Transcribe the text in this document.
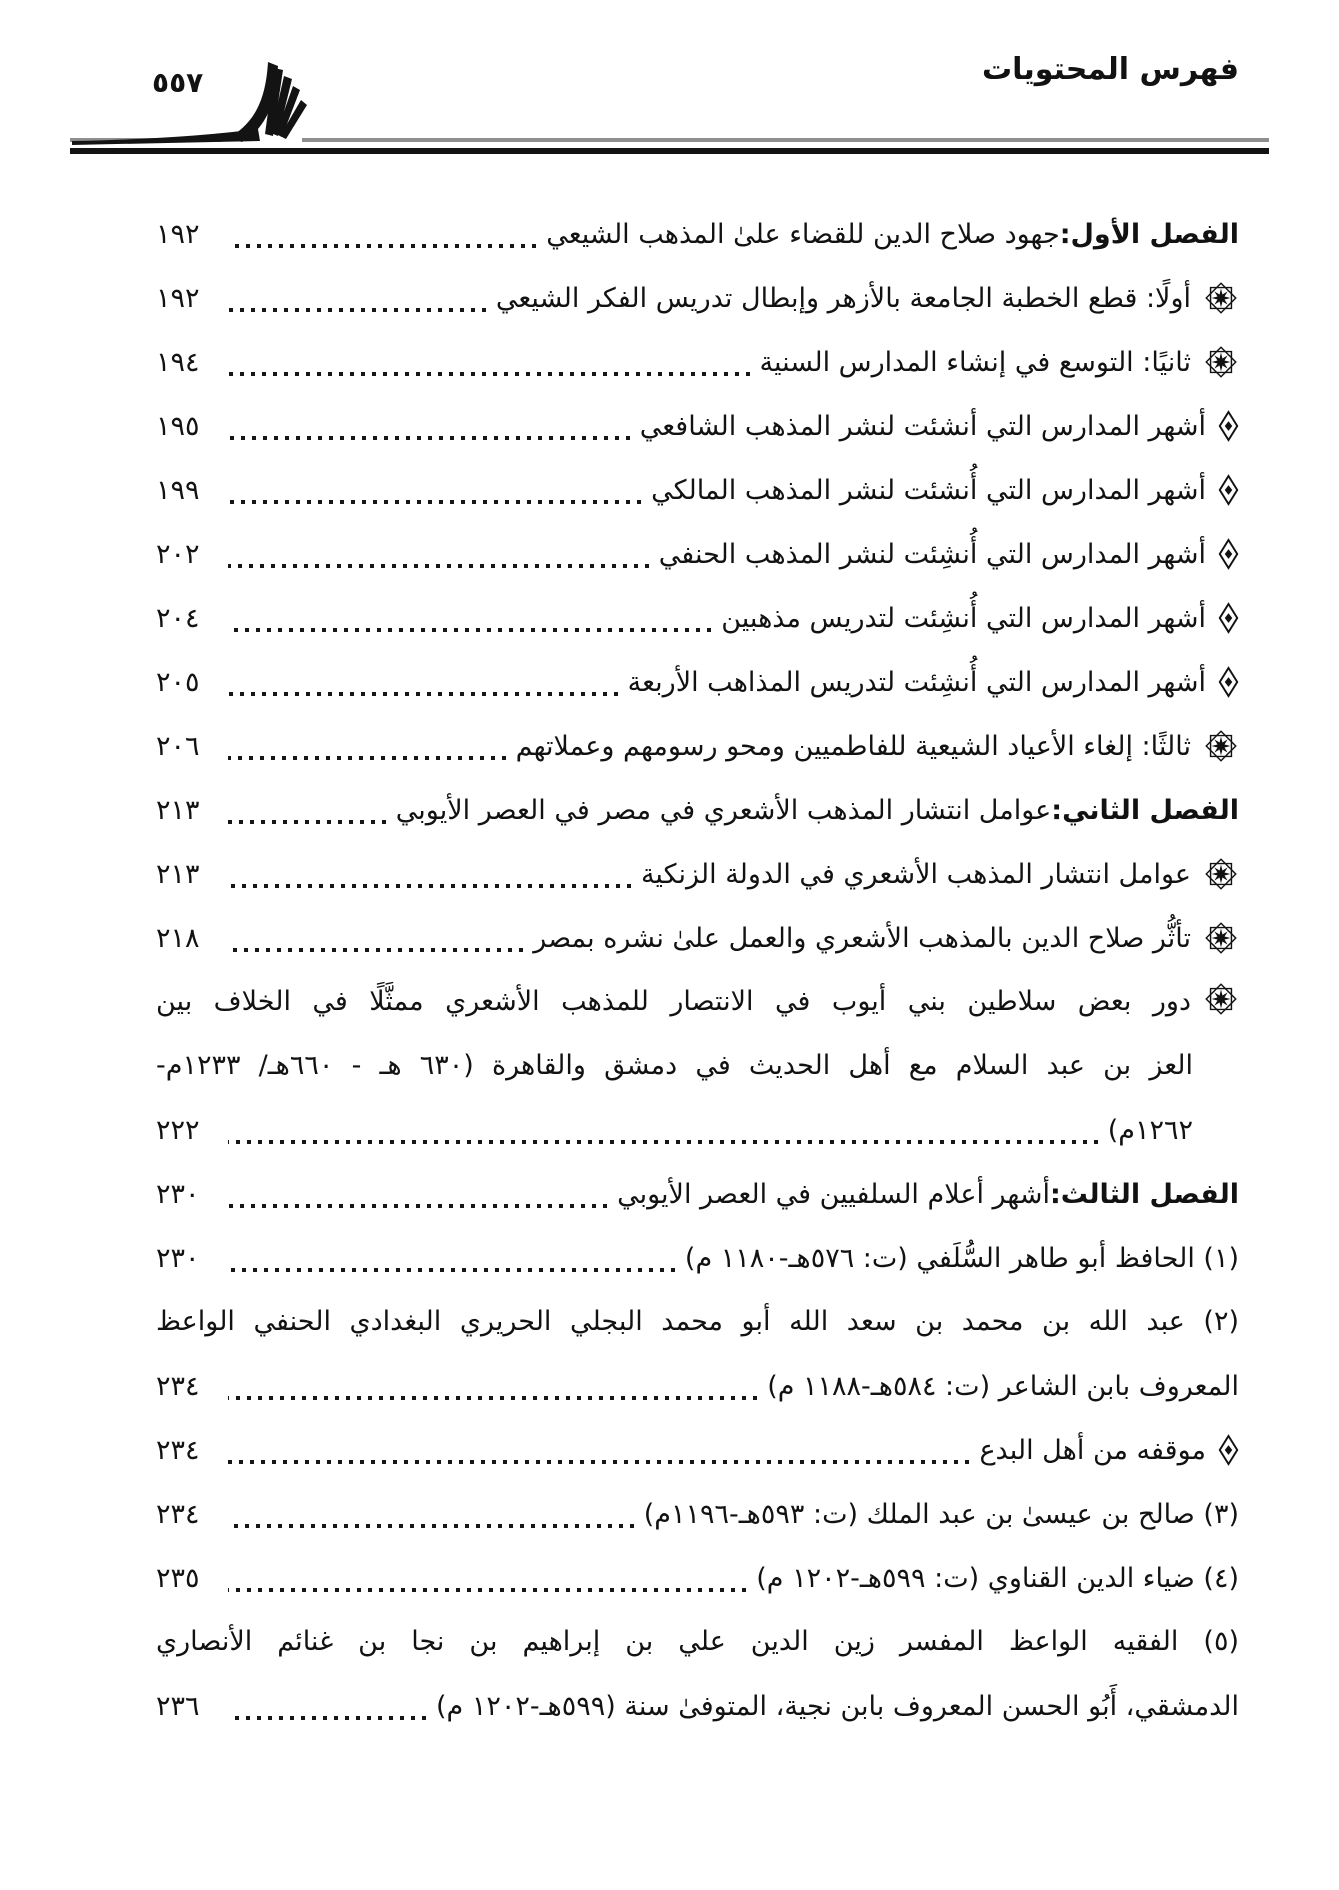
فهرس المحتويات
٥٥٧
الفصل الأول:
جهود صلاح الدين للقضاء علىٰ المذهب الشيعي
١٩٢
أولًا: قطع الخطبة الجامعة بالأزهر وإبطال تدريس الفكر الشيعي
١٩٢
ثانيًا: التوسع في إنشاء المدارس السنية
١٩٤
أشهر المدارس التي أنشئت لنشر المذهب الشافعي
١٩٥
أشهر المدارس التي أُنشئت لنشر المذهب المالكي
١٩٩
أشهر المدارس التي أُنشِئت لنشر المذهب الحنفي
٢٠٢
أشهر المدارس التي أُنشِئت لتدريس مذهبين
٢٠٤
أشهر المدارس التي أُنشِئت لتدريس المذاهب الأربعة
٢٠٥
ثالثًا: إلغاء الأعياد الشيعية للفاطميين ومحو رسومهم وعملاتهم
٢٠٦
الفصل الثاني:
عوامل انتشار المذهب الأشعري في مصر في العصر الأيوبي
٢١٣
عوامل انتشار المذهب الأشعري في الدولة الزنكية
٢١٣
تأثُّر صلاح الدين بالمذهب الأشعري والعمل علىٰ نشره بمصر
٢١٨
دور بعض سلاطين بني أيوب في الانتصار للمذهب الأشعري ممثَّلًا في الخلاف بين
العز بن عبد السلام مع أهل الحديث في دمشق والقاهرة (٦٣٠ هـ - ٦٦٠هـ/ ١٢٣٣م-
١٢٦٢م)
٢٢٢
الفصل الثالث:
أشهر أعلام السلفيين في العصر الأيوبي
٢٣٠
(١) الحافظ أبو طاهر السُّلَفي (ت: ٥٧٦هـ-١١٨٠ م)
٢٣٠
(٢) عبد الله بن محمد بن سعد الله أبو محمد البجلي الحريري البغدادي الحنفي الواعظ
المعروف بابن الشاعر (ت: ٥٨٤هـ-١١٨٨ م)
٢٣٤
موقفه من أهل البدع
٢٣٤
(٣) صالح بن عيسىٰ بن عبد الملك (ت: ٥٩٣هـ-١١٩٦م)
٢٣٤
(٤) ضياء الدين القناوي (ت: ٥٩٩هـ-١٢٠٢ م)
٢٣٥
(٥) الفقيه الواعظ المفسر زين الدين علي بن إبراهيم بن نجا بن غنائم الأنصاري
الدمشقي، أَبُو الحسن المعروف بابن نجية، المتوفىٰ سنة (٥٩٩هـ-١٢٠٢ م)
٢٣٦
